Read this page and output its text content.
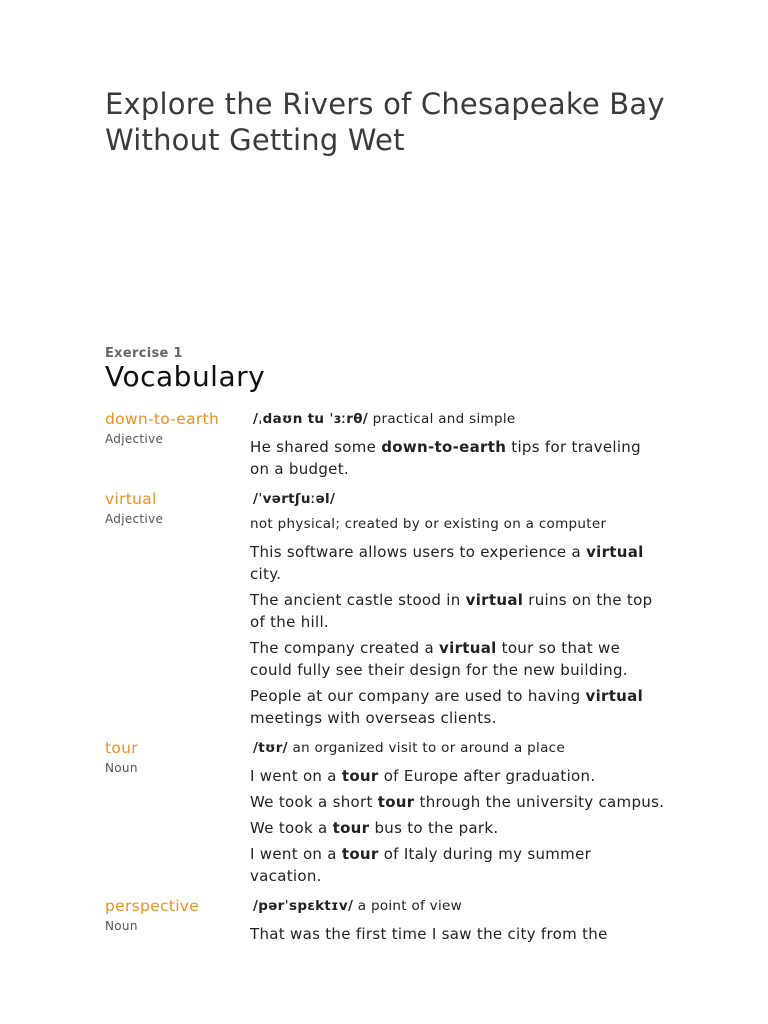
Explore the Rivers of Chesapeake Bay Without Getting Wet
Exercise 1
Vocabulary
down-to-earth
Adjective
/ˌdaʊn tu ˈɜːrθ/ practical and simple
He shared some down-to-earth tips for traveling on a budget.
virtual
Adjective
/ˈvərtʃuːəl/
not physical; created by or existing on a computer
This software allows users to experience a virtual city.
The ancient castle stood in virtual ruins on the top of the hill.
The company created a virtual tour so that we could fully see their design for the new building.
People at our company are used to having virtual meetings with overseas clients.
tour
Noun
/tʊr/ an organized visit to or around a place
I went on a tour of Europe after graduation.
We took a short tour through the university campus.
We took a tour bus to the park.
I went on a tour of Italy during my summer vacation.
perspective
Noun
/pərˈspɛktɪv/ a point of view
That was the first time I saw the city from the
